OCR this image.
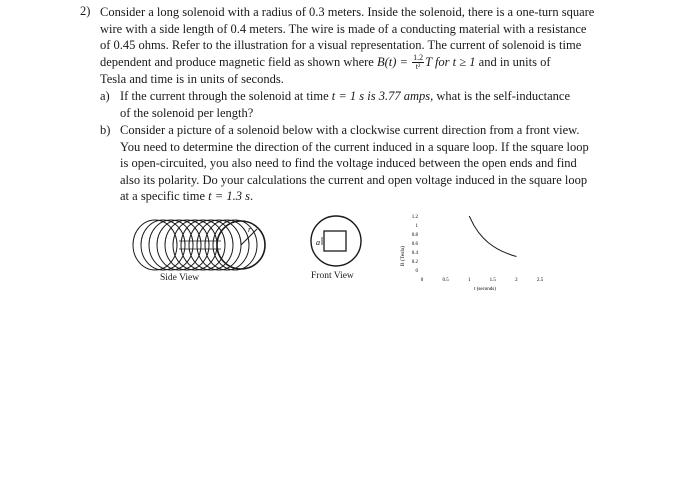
2) Consider a long solenoid with a radius of 0.3 meters. Inside the solenoid, there is a one-turn square
wire with a side length of 0.4 meters. The wire is made of a conducting material with a resistance
of 0.45 ohms. Refer to the illustration for a visual representation. The current of solenoid is time
dependent and produce magnetic field as shown where $B(t) = \frac{1.2}{\text{t²}}$ T for t ≥ 1 and in units of
Tesla and time is in units of seconds.
a) If the current through the solenoid at time t = 1 s is 3.77 amps, what is the self-inductance
of the solenoid per length?
b) Consider a picture of a solenoid below with a clockwise current direction from a front view.
You need to determine the direction of the current induced in a square loop. If the square loop
is open-circuited, you also need to find the voltage induced between the open ends and find
also its polarity. Do your calculations the current and open voltage induced in the square loop
at a specific time t = 1.3 s.
r
Side View
a
Front View
B (Tesla)
1.2
1
0.8
0.6
0.4
0.2
0
0	0.5	1	1.5	2	2.5
t (seconds)
